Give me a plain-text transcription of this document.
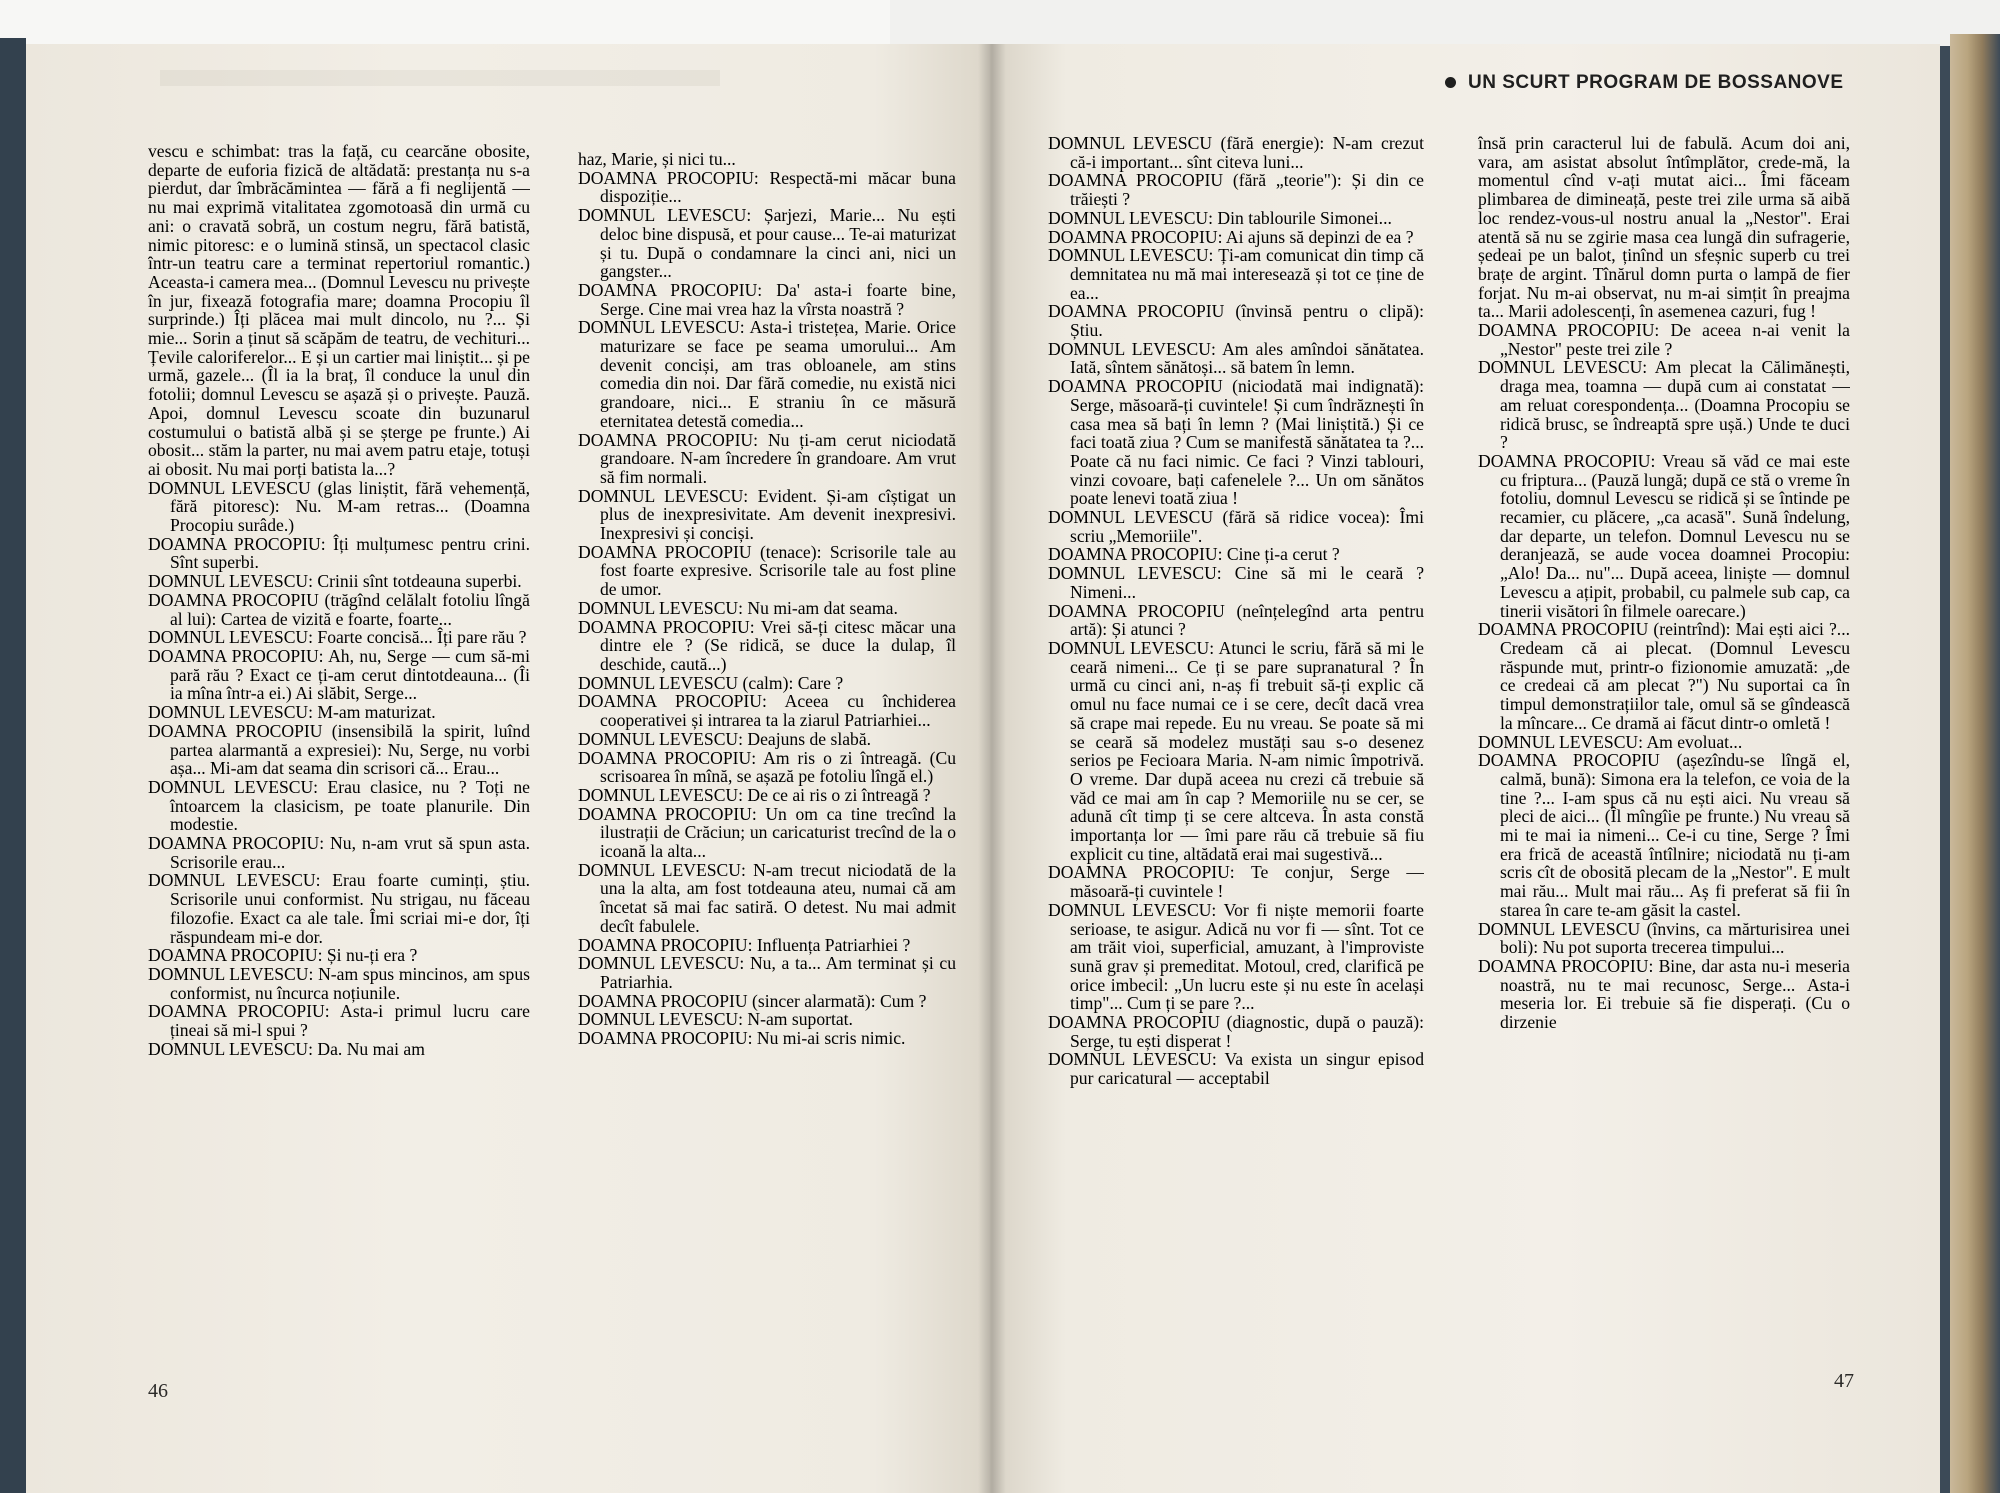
UN SCURT PROGRAM DE BOSSANOVE

vescu e schimbat: tras la față, cu cearcăne obosite, departe de euforia fizică de altădată: prestanța nu s-a pierdut, dar îmbrăcămintea — fără a fi neglijentă — nu mai exprimă vitalitatea zgomotoasă din urmă cu ani: o cravată sobră, un costum negru, fără batistă, nimic pitoresc: e o lumină stinsă, un spectacol clasic într-un teatru care a terminat repertoriul romantic.) Aceasta-i camera mea... (Domnul Levescu nu privește în jur, fixează fotografia mare; doamna Procopiu îl surprinde.) Îți plăcea mai mult dincolo, nu ?... Și mie... Sorin a ținut să scăpăm de teatru, de vechituri... Țevile caloriferelor... E și un cartier mai liniștit... și pe urmă, gazele... (Îl ia la braț, îl conduce la unul din fotolii; domnul Levescu se așază și o privește. Pauză. Apoi, domnul Levescu scoate din buzunarul costumului o batistă albă și se șterge pe frunte.) Ai obosit... stăm la parter, nu mai avem patru etaje, totuși ai obosit. Nu mai porți batista la...?

DOMNUL LEVESCU (glas liniștit, fără vehemență, fără pitoresc): Nu. M-am retras... (Doamna Procopiu surâde.)

DOAMNA PROCOPIU: Îți mulțumesc pentru crini. Sînt superbi.

DOMNUL LEVESCU: Crinii sînt totdeauna superbi.

DOAMNA PROCOPIU (trăgînd celălalt fotoliu lîngă al lui): Cartea de vizită e foarte, foarte...

DOMNUL LEVESCU: Foarte concisă... Îți pare rău ?

DOAMNA PROCOPIU: Ah, nu, Serge — cum să-mi pară rău ? Exact ce ți-am cerut dintotdeauna... (Îi ia mîna într-a ei.) Ai slăbit, Serge...

DOMNUL LEVESCU: M-am maturizat.

DOAMNA PROCOPIU (insensibilă la spirit, luînd partea alarmantă a expresiei): Nu, Serge, nu vorbi așa... Mi-am dat seama din scrisori că... Erau...

DOMNUL LEVESCU: Erau clasice, nu ? Toți ne întoarcem la clasicism, pe toate planurile. Din modestie.

DOAMNA PROCOPIU: Nu, n-am vrut să spun asta. Scrisorile erau...

DOMNUL LEVESCU: Erau foarte cuminți, știu. Scrisorile unui conformist. Nu strigau, nu făceau filozofie. Exact ca ale tale. Îmi scriai mi-e dor, îți răspundeam mi-e dor.

DOAMNA PROCOPIU: Și nu-ți era ?

DOMNUL LEVESCU: N-am spus mincinos, am spus conformist, nu încurca noțiunile.

DOAMNA PROCOPIU: Asta-i primul lucru care țineai să mi-l spui ?

DOMNUL LEVESCU: Da. Nu mai am

haz, Marie, și nici tu...

DOAMNA PROCOPIU: Respectă-mi măcar buna dispoziție...

DOMNUL LEVESCU: Șarjezi, Marie... Nu ești deloc bine dispusă, et pour cause... Te-ai maturizat și tu. După o condamnare la cinci ani, nici un gangster...

DOAMNA PROCOPIU: Da' asta-i foarte bine, Serge. Cine mai vrea haz la vîrsta noastră ?

DOMNUL LEVESCU: Asta-i tristețea, Marie. Orice maturizare se face pe seama umorului... Am devenit conciși, am tras obloanele, am stins comedia din noi. Dar fără comedie, nu există nici grandoare, nici... E straniu în ce măsură eternitatea detestă comedia...

DOAMNA PROCOPIU: Nu ți-am cerut niciodată grandoare. N-am încredere în grandoare. Am vrut să fim normali.

DOMNUL LEVESCU: Evident. Și-am cîștigat un plus de inexpresivitate. Am devenit inexpresivi. Inexpresivi și conciși.

DOAMNA PROCOPIU (tenace): Scrisorile tale au fost foarte expresive. Scrisorile tale au fost pline de umor.

DOMNUL LEVESCU: Nu mi-am dat seama.

DOAMNA PROCOPIU: Vrei să-ți citesc măcar una dintre ele ? (Se ridică, se duce la dulap, îl deschide, caută...)

DOMNUL LEVESCU (calm): Care ?

DOAMNA PROCOPIU: Aceea cu închiderea cooperativei și intrarea ta la ziarul Patriarhiei...

DOMNUL LEVESCU: Deajuns de slabă.

DOAMNA PROCOPIU: Am ris o zi întreagă. (Cu scrisoarea în mînă, se așază pe fotoliu lîngă el.)

DOMNUL LEVESCU: De ce ai ris o zi întreagă ?

DOAMNA PROCOPIU: Un om ca tine trecînd la ilustrații de Crăciun; un caricaturist trecînd de la o icoană la alta...

DOMNUL LEVESCU: N-am trecut niciodată de la una la alta, am fost totdeauna ateu, numai că am încetat să mai fac satiră. O detest. Nu mai admit decît fabulele.

DOAMNA PROCOPIU: Influența Patriarhiei ?

DOMNUL LEVESCU: Nu, a ta... Am terminat și cu Patriarhia.

DOAMNA PROCOPIU (sincer alarmată): Cum ?

DOMNUL LEVESCU: N-am suportat.

DOAMNA PROCOPIU: Nu mi-ai scris nimic.

DOMNUL LEVESCU (fără energie): N-am crezut că-i important... sînt citeva luni...

DOAMNA PROCOPIU (fără „teorie"): Și din ce trăiești ?

DOMNUL LEVESCU: Din tablourile Simonei...

DOAMNA PROCOPIU: Ai ajuns să depinzi de ea ?

DOMNUL LEVESCU: Ți-am comunicat din timp că demnitatea nu mă mai interesează și tot ce ține de ea...

DOAMNA PROCOPIU (învinsă pentru o clipă): Știu.

DOMNUL LEVESCU: Am ales amîndoi sănătatea. Iată, sîntem sănătoși... să batem în lemn.

DOAMNA PROCOPIU (niciodată mai indignată): Serge, măsoară-ți cuvintele! Și cum îndrăznești în casa mea să bați în lemn ? (Mai liniștită.) Și ce faci toată ziua ? Cum se manifestă sănătatea ta ?... Poate că nu faci nimic. Ce faci ? Vinzi tablouri, vinzi covoare, bați cafenelele ?... Un om sănătos poate lenevi toată ziua !

DOMNUL LEVESCU (fără să ridice vocea): Îmi scriu „Memoriile".

DOAMNA PROCOPIU: Cine ți-a cerut ?

DOMNUL LEVESCU: Cine să mi le ceară ? Nimeni...

DOAMNA PROCOPIU (neînțelegînd arta pentru artă): Și atunci ?

DOMNUL LEVESCU: Atunci le scriu, fără să mi le ceară nimeni... Ce ți se pare supranatural ? În urmă cu cinci ani, n-aș fi trebuit să-ți explic că omul nu face numai ce i se cere, decît dacă vrea să crape mai repede. Eu nu vreau. Se poate să mi se ceară să modelez mustăți sau s-o desenez serios pe Fecioara Maria. N-am nimic împotrivă. O vreme. Dar după aceea nu crezi că trebuie să văd ce mai am în cap ? Memoriile nu se cer, se adună cît timp ți se cere altceva. În asta constă importanța lor — îmi pare rău că trebuie să fiu explicit cu tine, altădată erai mai sugestivă...

DOAMNA PROCOPIU: Te conjur, Serge — măsoară-ți cuvintele !

DOMNUL LEVESCU: Vor fi niște memorii foarte serioase, te asigur. Adică nu vor fi — sînt. Tot ce am trăit vioi, superficial, amuzant, à l'improviste sună grav și premeditat. Motoul, cred, clarifică pe orice imbecil: „Un lucru este și nu este în același timp"... Cum ți se pare ?...

DOAMNA PROCOPIU (diagnostic, după o pauză): Serge, tu ești disperat !

DOMNUL LEVESCU: Va exista un singur episod pur caricatural — acceptabil

însă prin caracterul lui de fabulă. Acum doi ani, vara, am asistat absolut întîmplător, crede-mă, la momentul cînd v-ați mutat aici... Îmi făceam plimbarea de dimineață, peste trei zile urma să aibă loc rendez-vous-ul nostru anual la „Nestor". Erai atentă să nu se zgirie masa cea lungă din sufragerie, ședeai pe un balot, ținînd un sfeșnic superb cu trei brațe de argint. Tînărul domn purta o lampă de fier forjat. Nu m-ai observat, nu m-ai simțit în preajma ta... Marii adolescenți, în asemenea cazuri, fug !

DOAMNA PROCOPIU: De aceea n-ai venit la „Nestor" peste trei zile ?

DOMNUL LEVESCU: Am plecat la Călimănești, draga mea, toamna — după cum ai constatat — am reluat corespondența... (Doamna Procopiu se ridică brusc, se îndreaptă spre ușă.) Unde te duci ?

DOAMNA PROCOPIU: Vreau să văd ce mai este cu friptura... (Pauză lungă; după ce stă o vreme în fotoliu, domnul Levescu se ridică și se întinde pe recamier, cu plăcere, „ca acasă". Sună îndelung, dar departe, un telefon. Domnul Levescu nu se deranjează, se aude vocea doamnei Procopiu: „Alo! Da... nu"... După aceea, liniște — domnul Levescu a ațipit, probabil, cu palmele sub cap, ca tinerii visători în filmele oarecare.)

DOAMNA PROCOPIU (reintrînd): Mai ești aici ?... Credeam că ai plecat. (Domnul Levescu răspunde mut, printr-o fizionomie amuzată: „de ce credeai că am plecat ?") Nu suportai ca în timpul demonstrațiilor tale, omul să se gîndească la mîncare... Ce dramă ai făcut dintr-o omletă !

DOMNUL LEVESCU: Am evoluat...

DOAMNA PROCOPIU (așezîndu-se lîngă el, calmă, bună): Simona era la telefon, ce voia de la tine ?... I-am spus că nu ești aici. Nu vreau să pleci de aici... (Îl mîngîie pe frunte.) Nu vreau să mi te mai ia nimeni... Ce-i cu tine, Serge ? Îmi era frică de această întîlnire; niciodată nu ți-am scris cît de obosită plecam de la „Nestor". E mult mai rău... Mult mai rău... Aș fi preferat să fii în starea în care te-am găsit la castel.

DOMNUL LEVESCU (învins, ca mărturisirea unei boli): Nu pot suporta trecerea timpului...

DOAMNA PROCOPIU: Bine, dar asta nu-i meseria noastră, nu te mai recunosc, Serge... Asta-i meseria lor. Ei trebuie să fie disperați. (Cu o dirzenie

46	47
